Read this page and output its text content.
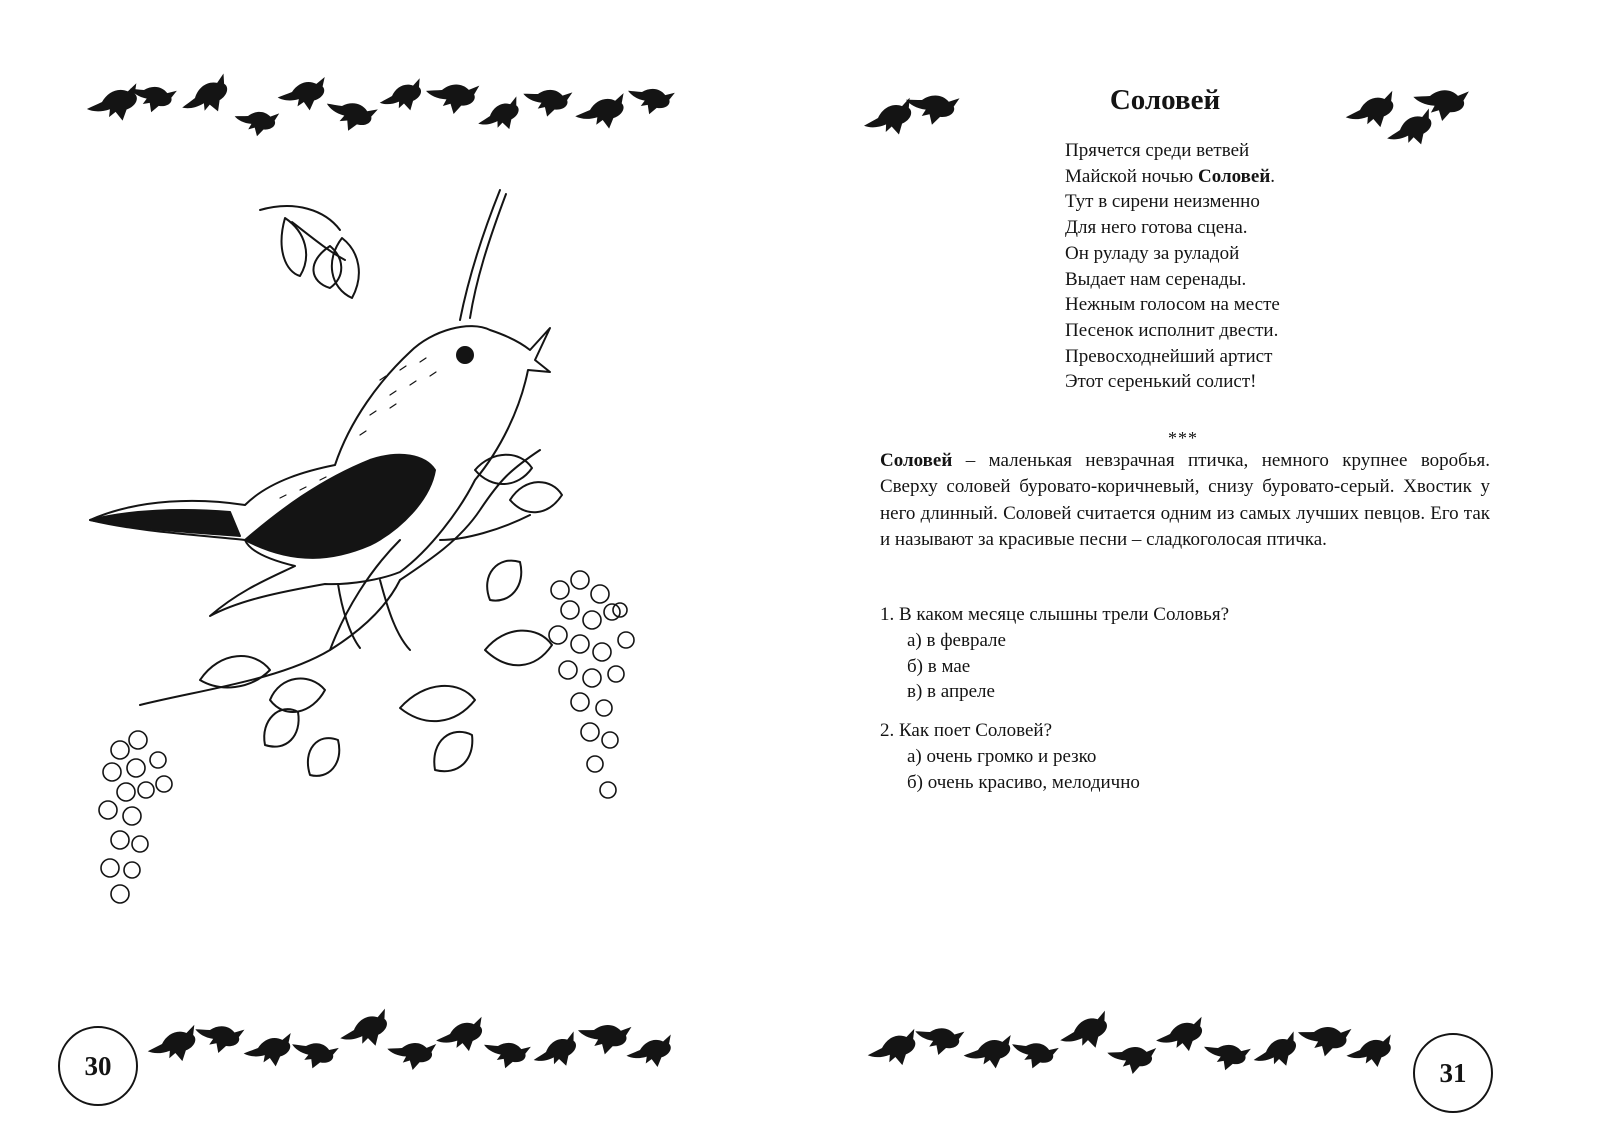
30	31
Соловей
Прячется среди ветвей
Майской ночью Соловей.
Тут в сирени неизменно
Для него готова сцена.
Он руладу за руладой
Выдает нам серенады.
Нежным голосом на месте
Песенок исполнит двести.
Превосходнейший артист
Этот серенький солист!
***

Соловей – маленькая невзрачная птичка, немного крупнее воробья. Сверху соловей буровато-коричневый, снизу буровато-серый. Хвостик у него длинный. Соловей считается одним из самых лучших певцов. Его так и называют за красивые песни – сладкоголосая птичка.

1. В каком месяце слышны трели Соловья?
а) в феврале
б) в мае
в) в апреле
2. Как поет Соловей?
а) очень громко и резко
б) очень красиво, мелодично
